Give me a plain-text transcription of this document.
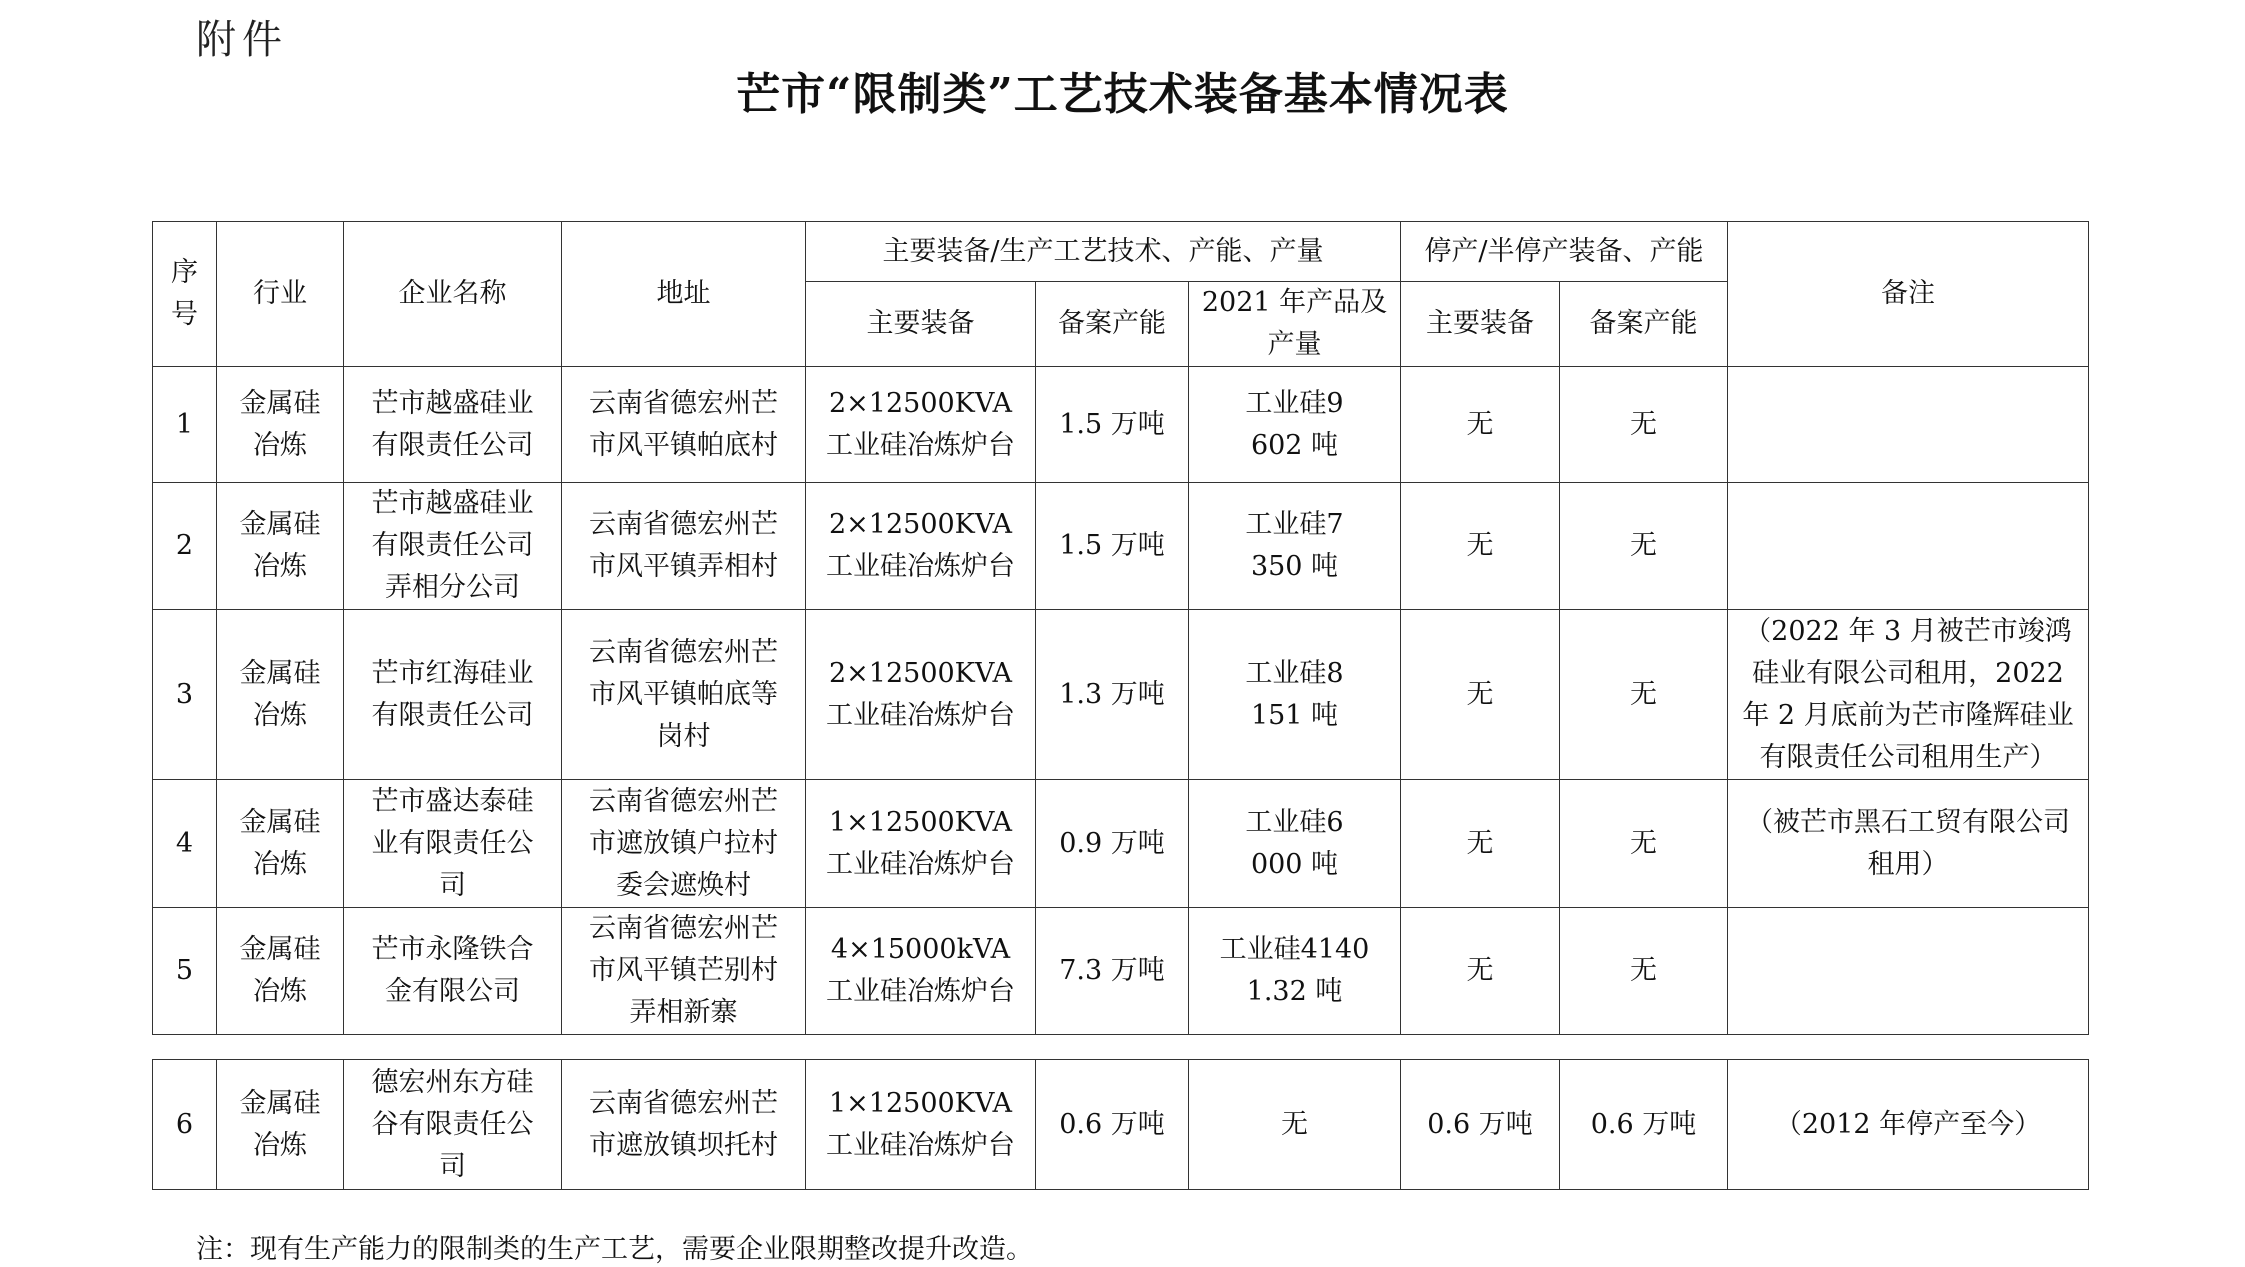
附件
芒市“限制类”工艺技术装备基本情况表
序号	行业	企业名称	地址	主要装备/生产工艺技术、产能、产量			停产/半停产装备、产能		备注
				主要装备	备案产能	2021 年产品及产量	主要装备	备案产能	
1	金属硅冶炼	芒市越盛硅业有限责任公司	云南省德宏州芒市风平镇帕底村	2×12500KVA工业硅冶炼炉台	1.5 万吨	工业硅9602 吨	无	无	
2	金属硅冶炼	芒市越盛硅业有限责任公司弄相分公司	云南省德宏州芒市风平镇弄相村	2×12500KVA工业硅冶炼炉台	1.5 万吨	工业硅7350 吨	无	无	
3	金属硅冶炼	芒市红海硅业有限责任公司	云南省德宏州芒市风平镇帕底等岗村	2×12500KVA工业硅冶炼炉台	1.3 万吨	工业硅8151 吨	无	无	（2022 年 3 月被芒市竣鸿硅业有限公司租用，2022 年 2 月底前为芒市隆辉硅业有限责任公司租用生产）
4	金属硅冶炼	芒市盛达泰硅业有限责任公司	云南省德宏州芒市遮放镇户拉村委会遮焕村	1×12500KVA工业硅冶炼炉台	0.9 万吨	工业硅6000 吨	无	无	（被芒市黑石工贸有限公司租用）
5	金属硅冶炼	芒市永隆铁合金有限公司	云南省德宏州芒市风平镇芒别村弄相新寨	4×15000kVA工业硅冶炼炉台	7.3 万吨	工业硅41401.32 吨	无	无	
6	金属硅冶炼	德宏州东方硅谷有限责任公司	云南省德宏州芒市遮放镇坝托村	1×12500KVA工业硅冶炼炉台	0.6 万吨	无	0.6 万吨	0.6 万吨	（2012 年停产至今）
注：现有生产能力的限制类的生产工艺，需要企业限期整改提升改造。
